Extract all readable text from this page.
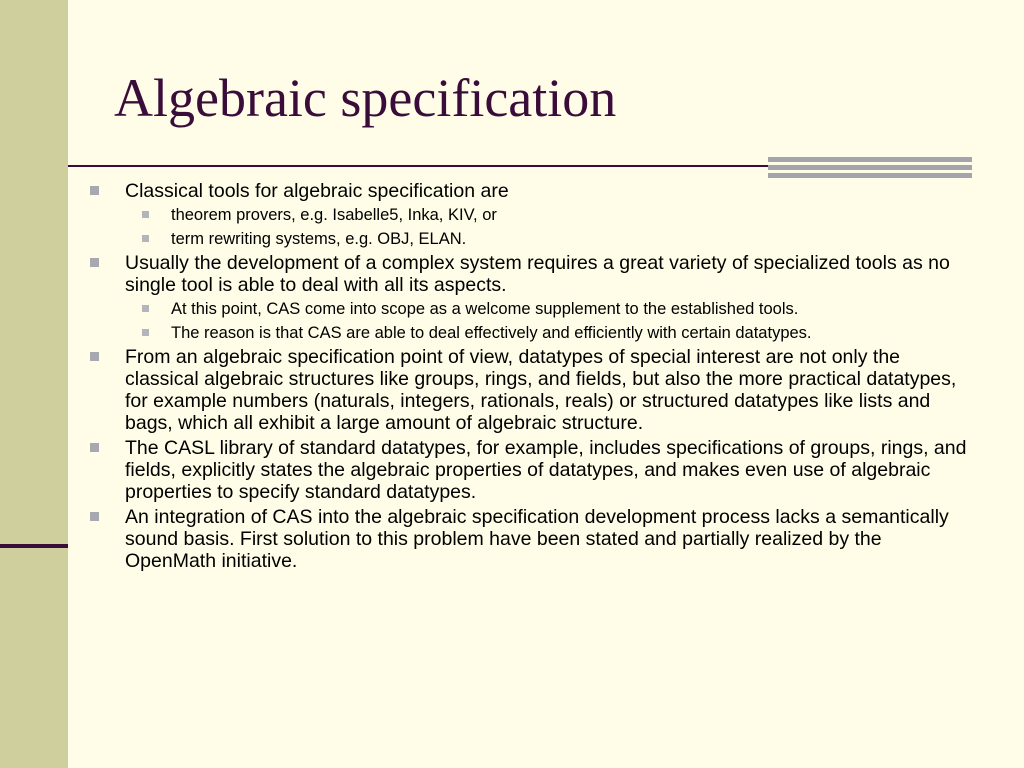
Algebraic specification
Classical tools for algebraic specification are
theorem provers, e.g. Isabelle5, Inka, KIV, or
term rewriting systems, e.g. OBJ, ELAN.
Usually the development of a complex system requires a great variety of specialized tools as no single tool is able to deal with all its aspects.
At this point, CAS come into scope as a welcome supplement to the established tools.
The reason is that CAS are able to deal effectively and efficiently with certain datatypes.
From an algebraic specification point of view, datatypes of special interest are not only the classical algebraic structures like groups, rings, and fields, but also the more practical datatypes, for example numbers (naturals, integers, rationals, reals) or structured datatypes like lists and bags, which all exhibit a large amount of algebraic structure.
The CASL library of standard datatypes, for example, includes specifications of groups, rings, and fields, explicitly states the algebraic properties of datatypes, and makes even use of algebraic properties to specify standard datatypes.
An integration of CAS into the algebraic specification development process lacks a semantically sound basis. First solution to this problem have been stated and partially realized by the OpenMath initiative.
